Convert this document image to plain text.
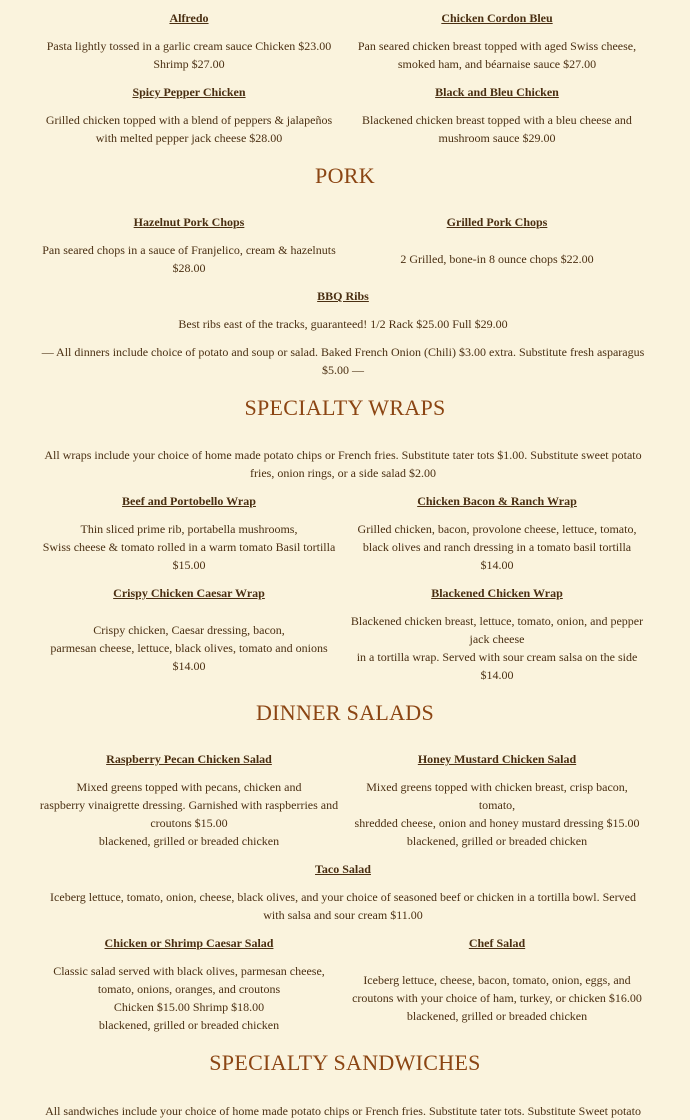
Alfredo
Pasta lightly tossed in a garlic cream sauce Chicken $23.00
Shrimp $27.00
Chicken Cordon Bleu
Pan seared chicken breast topped with aged Swiss cheese,
smoked ham, and béarnaise sauce $27.00
Spicy Pepper Chicken
Grilled chicken topped with a blend of peppers & jalapeños
with melted pepper jack cheese $28.00
Black and Bleu Chicken
Blackened chicken breast topped with a bleu cheese and
mushroom sauce $29.00
PORK
Hazelnut Pork Chops
Pan seared chops in a sauce of Franjelico, cream & hazelnuts
$28.00
Grilled Pork Chops
2 Grilled, bone-in 8 ounce chops $22.00
BBQ Ribs
Best ribs east of the tracks, guaranteed! 1/2 Rack $25.00 Full $29.00
— All dinners include choice of potato and soup or salad. Baked French Onion (Chili) $3.00 extra. Substitute fresh asparagus
$5.00 —
SPECIALTY WRAPS
All wraps include your choice of home made potato chips or French fries. Substitute tater tots $1.00. Substitute sweet potato
fries, onion rings, or a side salad $2.00
Beef and Portobello Wrap
Thin sliced prime rib, portabella mushrooms,
Swiss cheese & tomato rolled in a warm tomato Basil tortilla
$15.00
Chicken Bacon & Ranch Wrap
Grilled chicken, bacon, provolone cheese, lettuce, tomato,
black olives and ranch dressing in a tomato basil tortilla
$14.00
Crispy Chicken Caesar Wrap
Crispy chicken, Caesar dressing, bacon,
parmesan cheese, lettuce, black olives, tomato and onions
$14.00
Blackened Chicken Wrap
Blackened chicken breast, lettuce, tomato, onion, and pepper
jack cheese
in a tortilla wrap. Served with sour cream salsa on the side
$14.00
DINNER SALADS
Raspberry Pecan Chicken Salad
Mixed greens topped with pecans, chicken and
raspberry vinaigrette dressing. Garnished with raspberries and
croutons $15.00
blackened, grilled or breaded chicken
Honey Mustard Chicken Salad
Mixed greens topped with chicken breast, crisp bacon,
tomato,
shredded cheese, onion and honey mustard dressing $15.00
blackened, grilled or breaded chicken
Taco Salad
Iceberg lettuce, tomato, onion, cheese, black olives, and your choice of seasoned beef or chicken in a tortilla bowl. Served
with salsa and sour cream $11.00
Chicken or Shrimp Caesar Salad
Classic salad served with black olives, parmesan cheese,
tomato, onions, oranges, and croutons
Chicken $15.00 Shrimp $18.00
blackened, grilled or breaded chicken
Chef Salad
Iceberg lettuce, cheese, bacon, tomato, onion, eggs, and
croutons with your choice of ham, turkey, or chicken $16.00
blackened, grilled or breaded chicken
SPECIALTY SANDWICHES
All sandwiches include your choice of home made potato chips or French fries. Substitute tater tots. Substitute Sweet potato
